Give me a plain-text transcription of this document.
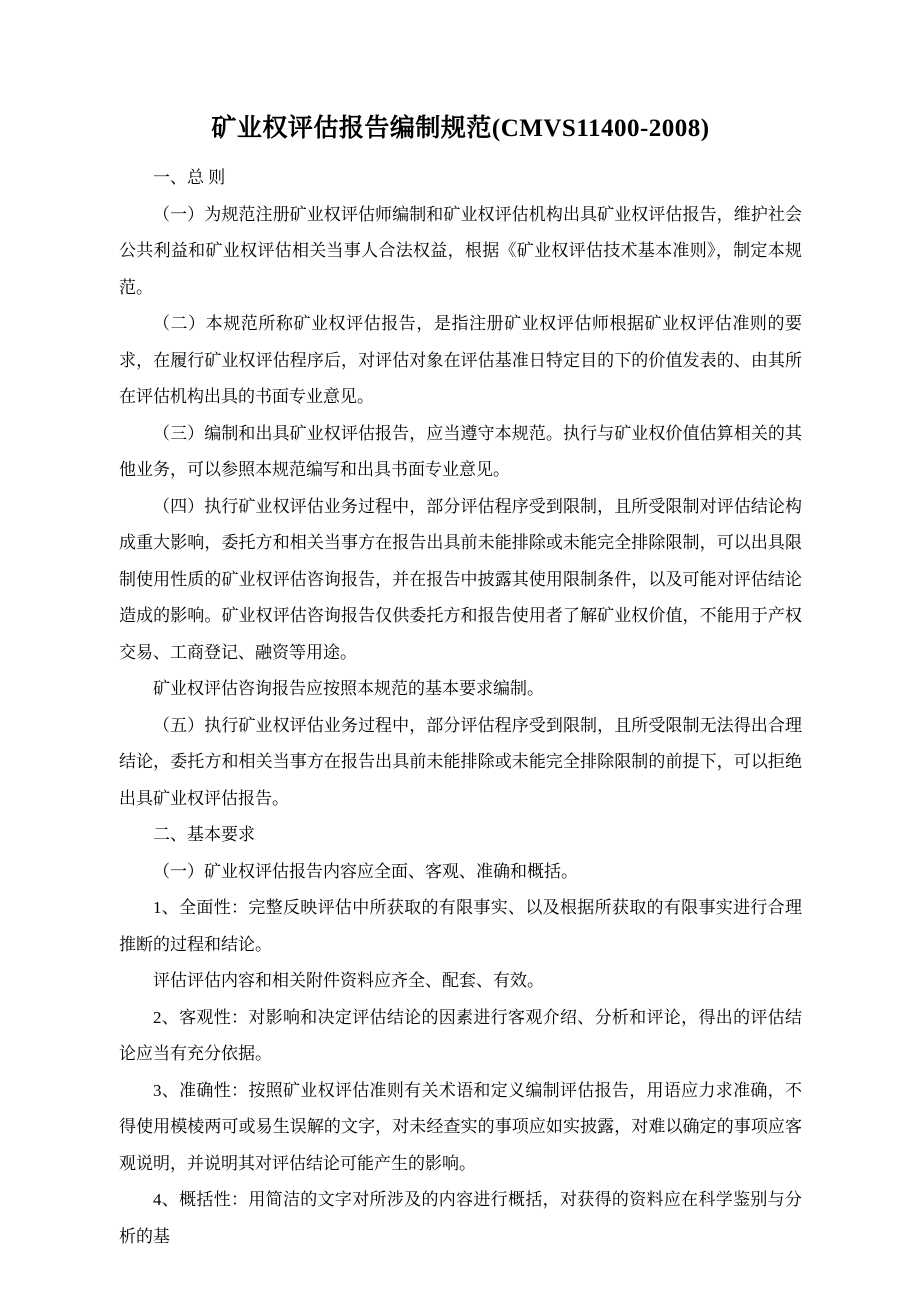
矿业权评估报告编制规范(CMVS11400-2008)

一、总 则

（一）为规范注册矿业权评估师编制和矿业权评估机构出具矿业权评估报告，维护社会公共利益和矿业权评估相关当事人合法权益，根据《矿业权评估技术基本准则》，制定本规范。

（二）本规范所称矿业权评估报告，是指注册矿业权评估师根据矿业权评估准则的要求，在履行矿业权评估程序后，对评估对象在评估基准日特定目的下的价值发表的、由其所在评估机构出具的书面专业意见。

（三）编制和出具矿业权评估报告，应当遵守本规范。执行与矿业权价值估算相关的其他业务，可以参照本规范编写和出具书面专业意见。

（四）执行矿业权评估业务过程中，部分评估程序受到限制，且所受限制对评估结论构成重大影响，委托方和相关当事方在报告出具前未能排除或未能完全排除限制，可以出具限制使用性质的矿业权评估咨询报告，并在报告中披露其使用限制条件，以及可能对评估结论造成的影响。矿业权评估咨询报告仅供委托方和报告使用者了解矿业权价值，不能用于产权交易、工商登记、融资等用途。

矿业权评估咨询报告应按照本规范的基本要求编制。

（五）执行矿业权评估业务过程中，部分评估程序受到限制，且所受限制无法得出合理结论，委托方和相关当事方在报告出具前未能排除或未能完全排除限制的前提下，可以拒绝出具矿业权评估报告。

二、基本要求

（一）矿业权评估报告内容应全面、客观、准确和概括。

1、全面性：完整反映评估中所获取的有限事实、以及根据所获取的有限事实进行合理推断的过程和结论。

评估评估内容和相关附件资料应齐全、配套、有效。

2、客观性：对影响和决定评估结论的因素进行客观介绍、分析和评论，得出的评估结论应当有充分依据。

3、准确性：按照矿业权评估准则有关术语和定义编制评估报告，用语应力求准确，不得使用模棱两可或易生误解的文字，对未经查实的事项应如实披露，对难以确定的事项应客观说明，并说明其对评估结论可能产生的影响。

4、概括性：用简洁的文字对所涉及的内容进行概括，对获得的资料应在科学鉴别与分析的基
